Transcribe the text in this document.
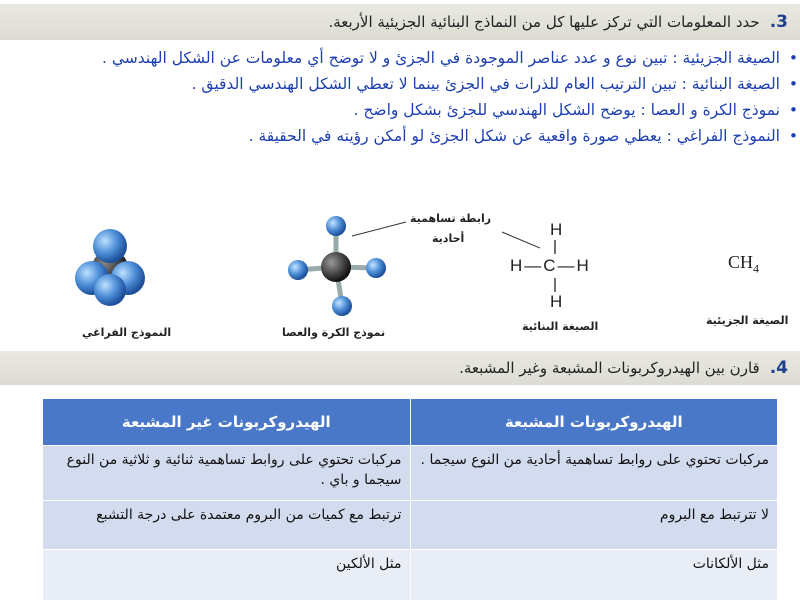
3.
حدد المعلومات التي تركز عليها كل من النماذج البنائية الجزيئية الأربعة.
• الصيغة الجزيئية : تبين نوع و عدد عناصر الموجودة في الجزئ و لا توضح أي معلومات عن الشكل الهندسي .
• الصيغة البنائية : تبين الترتيب العام للذرات في الجزئ بينما لا تعطي الشكل الهندسي الدقيق .
• نموذج الكرة و العصا : يوضح الشكل الهندسي للجزئ بشكل واضح .
• النموذج الفراغي : يعطي صورة واقعية عن شكل الجزئ لو أمكن رؤيته في الحقيقة .
النموذج الفراغي	نموذج الكرة والعصا
رابطة تساهمية
أحادية	H
H—C—H
H
الصيغة البنائية
$CH_4$
الصيغة الجزيئية
4.
قارن بين الهيدروكربونات المشبعة وغير المشبعة.
الهيدروكربونات المشبعة	الهيدروكربونات غير المشبعة
مركبات تحتوي على روابط تساهمية أحادية من النوع سيجما .	مركبات تحتوي على روابط تساهمية ثنائية و ثلاثية من النوع سيجما و باي .
لا تترتبط مع البروم	ترتبط مع كميات من البروم معتمدة على درجة التشبع
مثل الألكانات	مثل الألكين
